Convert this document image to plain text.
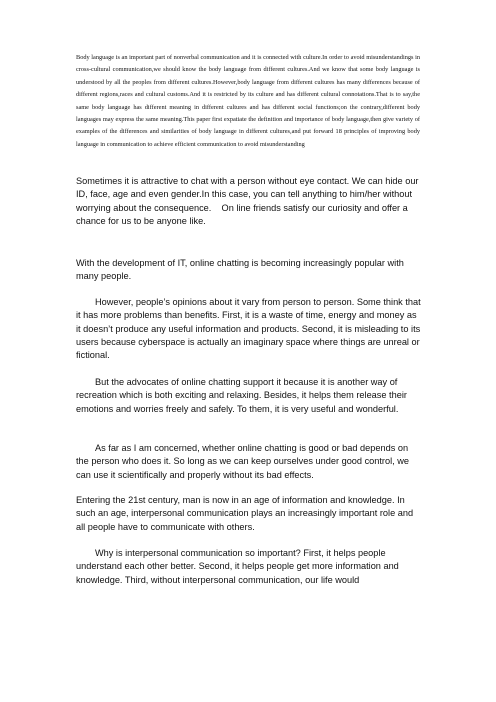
Body language is an important part of nonverbal communication and it is connected with culture.In order to avoid misunderstandings in cross-cultural communication,we should know the body language from different cultures.And we know that some body language is understood by all the peoples from different cultures.However,body language from different cultures has many differences because of different regions,races and cultural customs.And it is restricted by its culture and has different cultural connotations.That is to say,the same body language has different meaning in different cultures and has different social functions;on the contrary,different body languages may express the same meaning.This paper first expatiate the definition and importance of body language,then give variety of examples of the differences and similarities of body language in different cultures,and put forward 18 principles of improving body language in communication to achieve efficient communication to avoid misunderstanding

Sometimes it is attractive to chat with a person without eye contact. We can hide our ID, face, age and even gender.In this case, you can tell anything to him/her without worrying about the consequence.    On line friends satisfy our curiosity and offer a chance for us to be anyone like.

With the development of IT, online chatting is becoming increasingly popular with many people.

However, people’s opinions about it vary from person to person. Some think that it has more problems than benefits. First, it is a waste of time, energy and money as it doesn’t produce any useful information and products. Second, it is misleading to its users because cyberspace is actually an imaginary space where things are unreal or fictional.

But the advocates of online chatting support it because it is another way of recreation which is both exciting and relaxing. Besides, it helps them release their emotions and worries freely and safely. To them, it is very useful and wonderful.

As far as I am concerned, whether online chatting is good or bad depends on the person who does it. So long as we can keep ourselves under good control, we can use it scientifically and properly without its bad effects.

Entering the 21st century, man is now in an age of information and knowledge. In such an age, interpersonal communication plays an increasingly important role and all people have to communicate with others.

Why is interpersonal communication so important? First, it helps people understand each other better. Second, it helps people get more information and knowledge. Third, without interpersonal communication, our life would
